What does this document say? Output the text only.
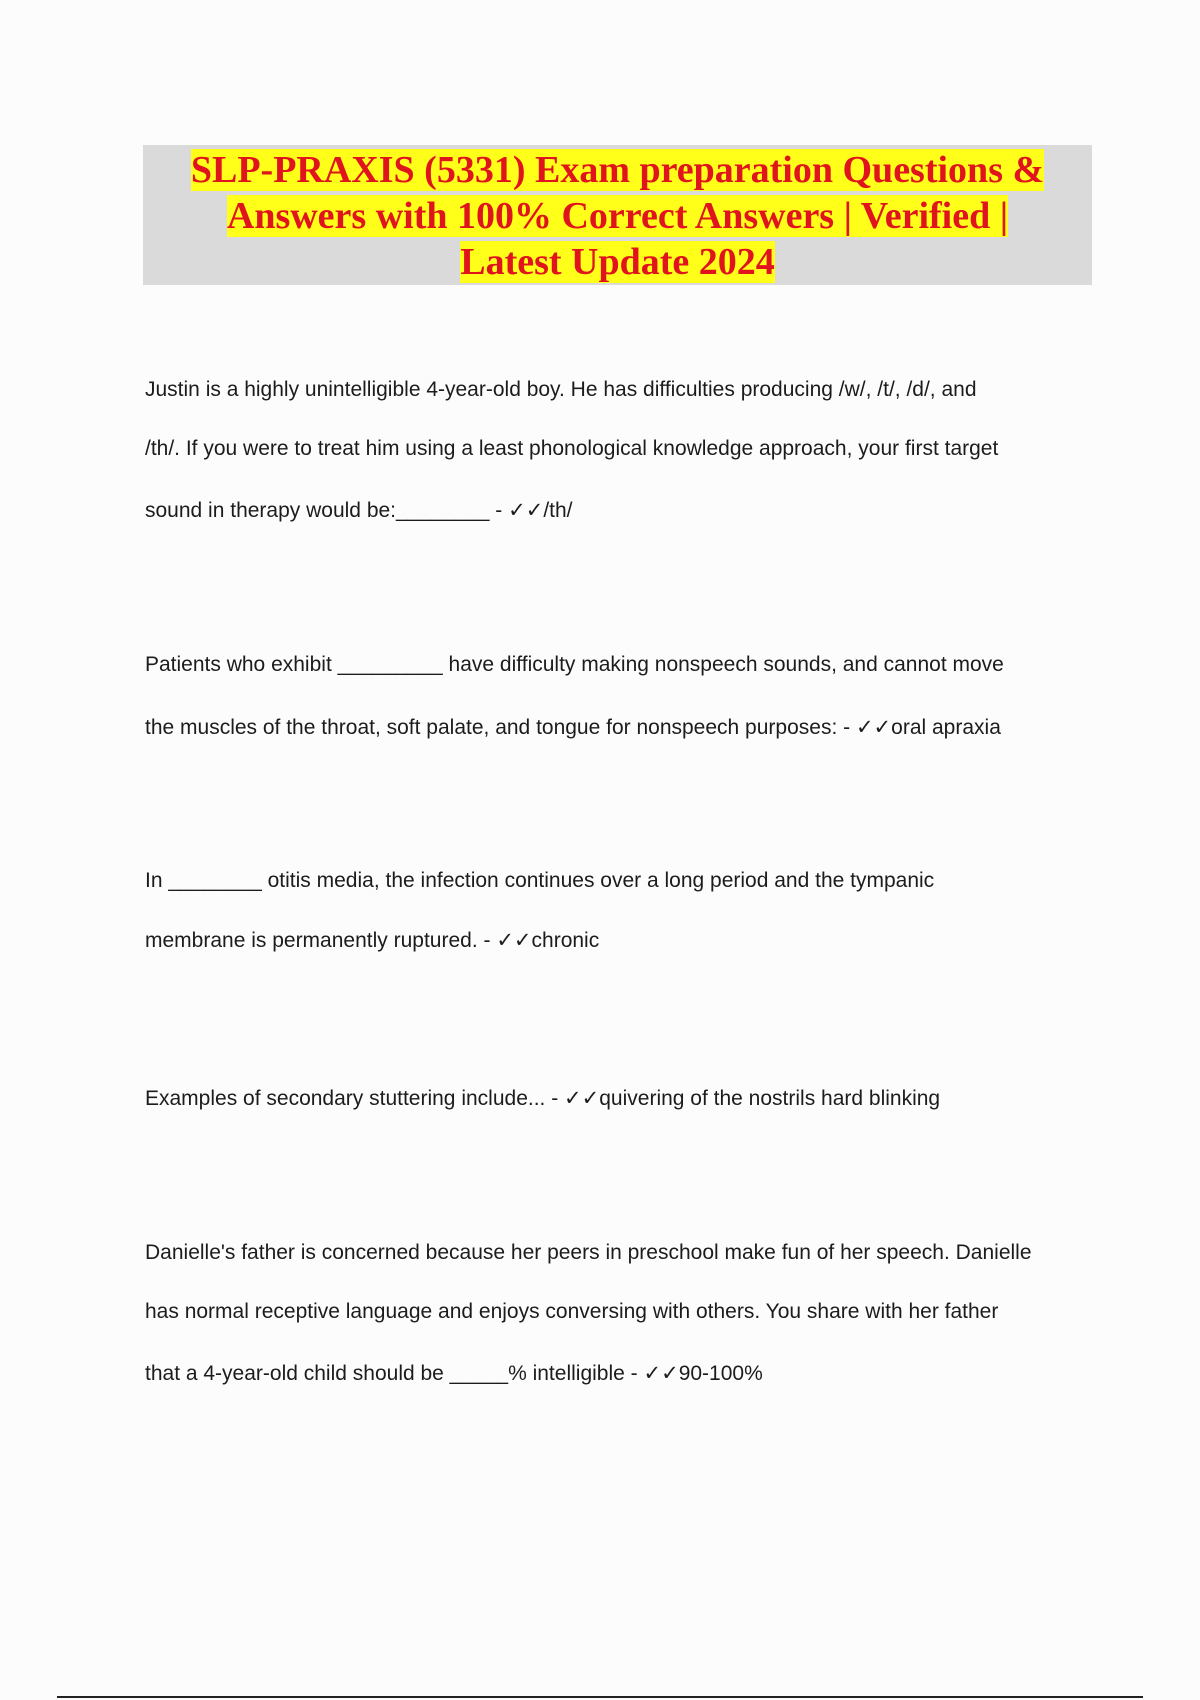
SLP-PRAXIS (5331) Exam preparation Questions &
Answers with 100% Correct Answers | Verified |
Latest Update 2024
Justin is a highly unintelligible 4-year-old boy. He has difficulties producing /w/, /t/, /d/, and
/th/. If you were to treat him using a least phonological knowledge approach, your first target
sound in therapy would be:________ - ✓✓/th/
Patients who exhibit _________ have difficulty making nonspeech sounds, and cannot move
the muscles of the throat, soft palate, and tongue for nonspeech purposes: - ✓✓oral apraxia
In ________ otitis media, the infection continues over a long period and the tympanic
membrane is permanently ruptured. - ✓✓chronic
Examples of secondary stuttering include... - ✓✓quivering of the nostrils hard blinking
Danielle's father is concerned because her peers in preschool make fun of her speech. Danielle
has normal receptive language and enjoys conversing with others. You share with her father
that a 4-year-old child should be _____% intelligible - ✓✓90-100%
